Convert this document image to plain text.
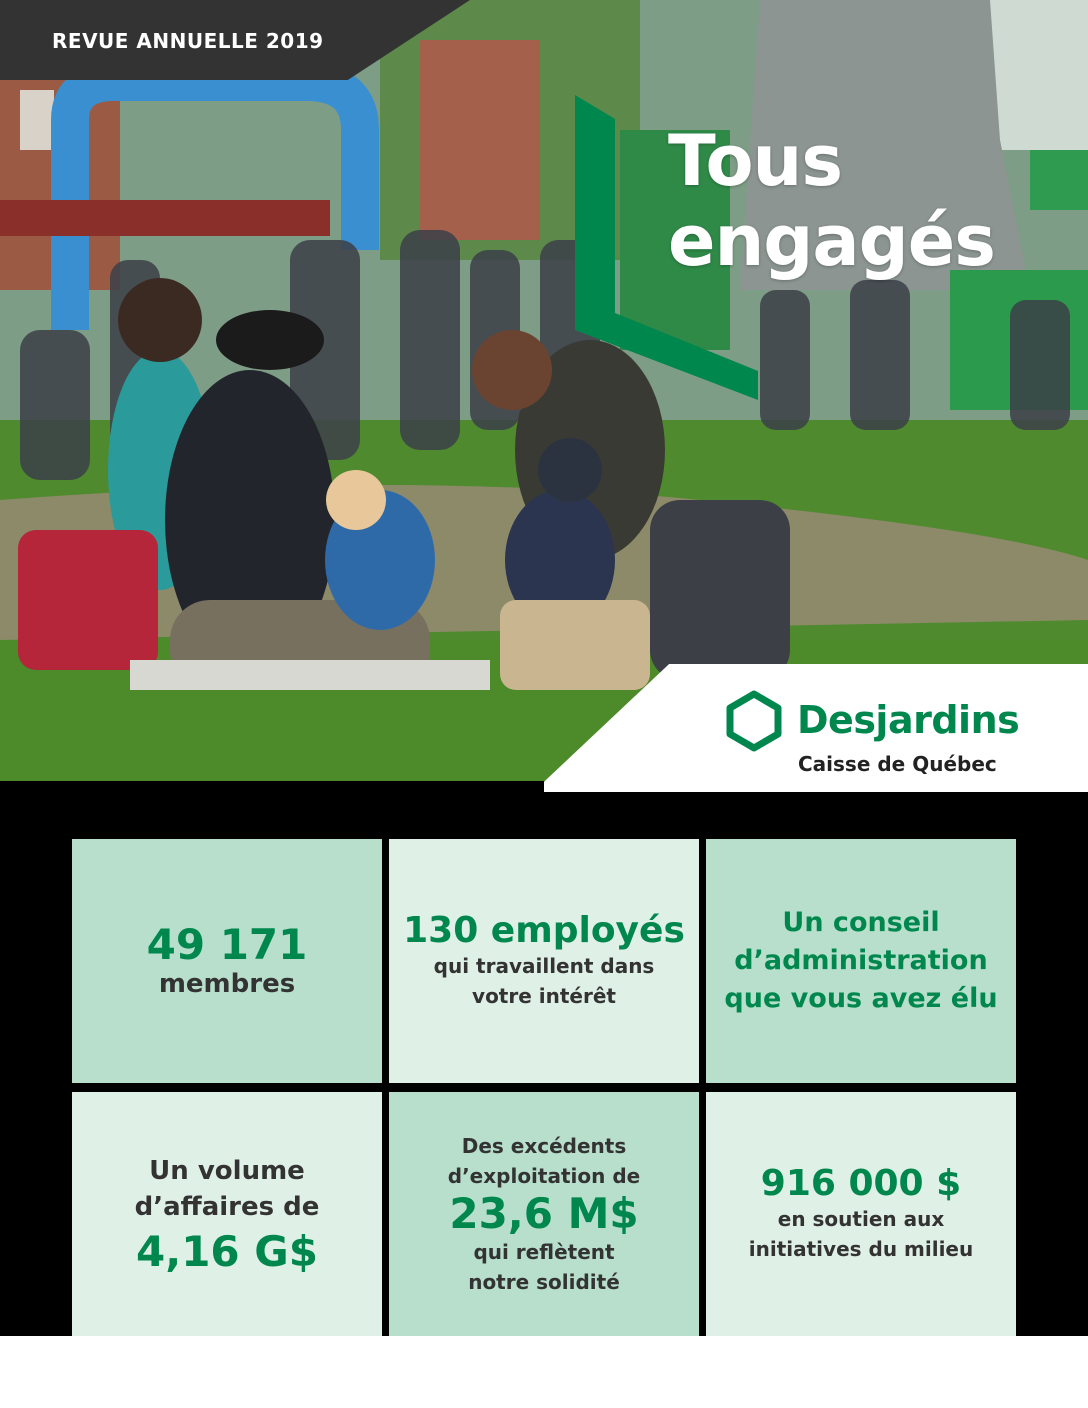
REVUE ANNUELLE 2019
Tous
engagés
Desjardins
Caisse de Québec
49 171
membres
130 employés
qui travaillent dans
votre intérêt
Un conseil
d’administration
que vous avez élu
Un volume
d’affaires de
4,16 G$
Des excédents
d’exploitation de
23,6 M$
qui reflètent
notre solidité
916 000 $
en soutien aux
initiatives du milieu
